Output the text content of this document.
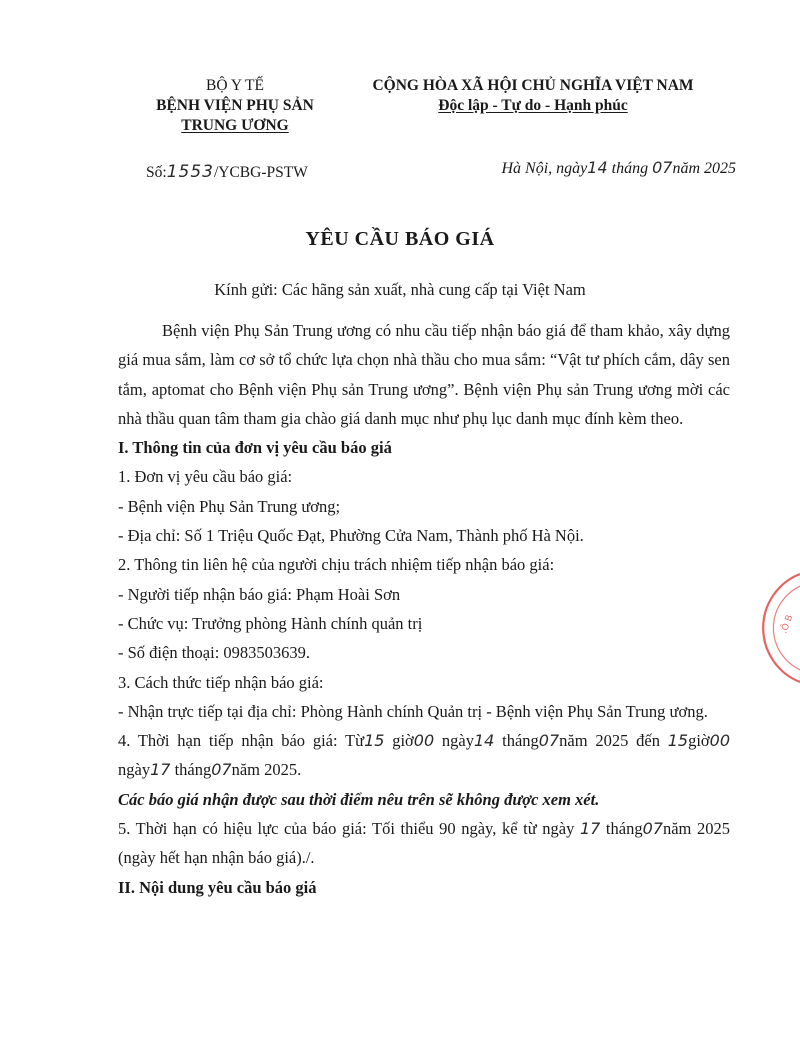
BỘ Y TẾ
BỆNH VIỆN PHỤ SẢN
TRUNG ƯƠNG
CỘNG HÒA XÃ HỘI CHỦ NGHĨA VIỆT NAM
Độc lập - Tự do - Hạnh phúc
Số:1553/YCBG-PSTW	Hà Nội, ngày14 tháng 07năm 2025
YÊU CẦU BÁO GIÁ
Kính gửi: Các hãng sản xuất, nhà cung cấp tại Việt Nam

Bệnh viện Phụ Sản Trung ương có nhu cầu tiếp nhận báo giá để tham khảo, xây dựng giá mua sắm, làm cơ sở tổ chức lựa chọn nhà thầu cho mua sắm: “Vật tư phích cắm, dây sen tắm, aptomat cho Bệnh viện Phụ sản Trung ương”. Bệnh viện Phụ sản Trung ương mời các nhà thầu quan tâm tham gia chào giá danh mục như phụ lục danh mục đính kèm theo.

I. Thông tin của đơn vị yêu cầu báo giá

1. Đơn vị yêu cầu báo giá:

- Bệnh viện Phụ Sản Trung ương;

- Địa chỉ: Số 1 Triệu Quốc Đạt, Phường Cửa Nam, Thành phố Hà Nội.

2. Thông tin liên hệ của người chịu trách nhiệm tiếp nhận báo giá:

- Người tiếp nhận báo giá: Phạm Hoài Sơn

- Chức vụ: Trưởng phòng Hành chính quản trị

- Số điện thoại: 0983503639.

3. Cách thức tiếp nhận báo giá:

- Nhận trực tiếp tại địa chỉ: Phòng Hành chính Quản trị - Bệnh viện Phụ Sản Trung ương.

4. Thời hạn tiếp nhận báo giá: Từ15 giờ00 ngày14 tháng07năm 2025 đến 15giờ00 ngày17 tháng07năm 2025.

Các báo giá nhận được sau thời điểm nêu trên sẽ không được xem xét.

5. Thời hạn có hiệu lực của báo giá: Tối thiểu 90 ngày, kể từ ngày 17 tháng07năm 2025 (ngày hết hạn nhận báo giá)./.

II. Nội dung yêu cầu báo giá

.Ô B
